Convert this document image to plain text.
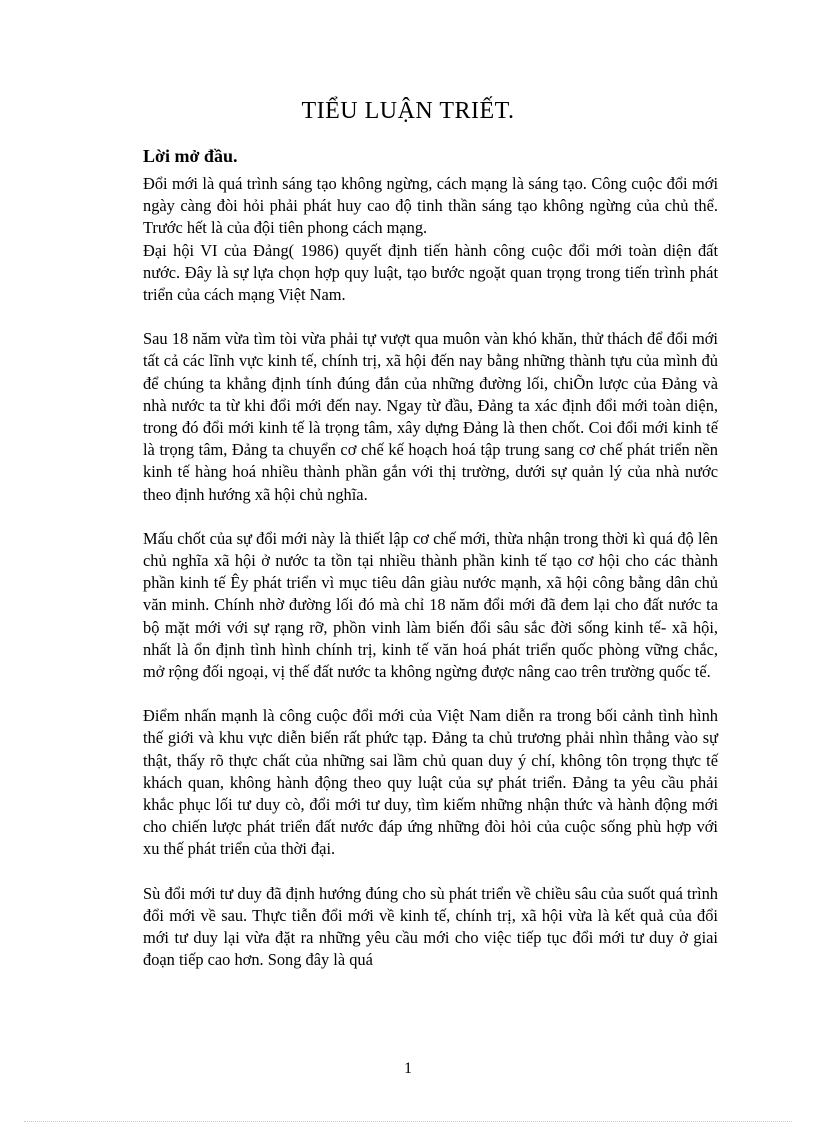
TIỂU LUẬN TRIẾT.
Lời mở đầu.

Đổi mới là quá trình sáng tạo không ngừng, cách mạng là sáng tạo. Công cuộc đổi mới ngày càng đòi hỏi phải phát huy cao độ tinh thần sáng tạo không ngừng của chủ thể. Trước hết là của đội tiên phong cách mạng.

Đại hội VI của Đảng( 1986) quyết định tiến hành công cuộc đổi mới toàn diện đất nước. Đây là sự lựa chọn hợp quy luật, tạo bước ngoặt quan trọng trong tiến trình phát triển của cách mạng Việt Nam.

Sau 18 năm vừa tìm tòi vừa phải tự vượt qua muôn vàn khó khăn, thử thách để đổi mới tất cả các lĩnh vực kinh tế, chính trị, xã hội đến nay bằng những thành tựu của mình đủ để chúng ta khẳng định tính đúng đắn của những đường lối, chiÕn lược của Đảng và nhà nước ta từ khi đổi mới đến nay. Ngay từ đầu, Đảng ta xác định đổi mới toàn diện, trong đó đổi mới kinh tế là trọng tâm, xây dựng Đảng là then chốt. Coi đổi mới kinh tế là trọng tâm, Đảng ta chuyển cơ chế kế hoạch hoá tập trung sang cơ chế phát triển nền kinh tế hàng hoá nhiều thành phần gắn với thị trường, dưới sự quản lý của nhà nước theo định hướng xã hội chủ nghĩa.

Mấu chốt của sự đổi mới này là thiết lập cơ chế mới, thừa nhận trong thời kì quá độ lên chủ nghĩa xã hội ở nước ta tồn tại nhiều thành phần kinh tế tạo cơ hội cho các thành phần kinh tế Êy phát triển vì mục tiêu dân giàu nước mạnh, xã hội công bằng dân chủ văn minh. Chính nhờ đường lối đó mà chỉ 18 năm đổi mới đã đem lại cho đất nước ta bộ mặt mới với sự rạng rỡ, phồn vinh làm biến đổi sâu sắc đời sống kinh tế- xã hội, nhất là ổn định tình hình chính trị, kinh tế văn hoá phát triển quốc phòng vững chắc, mở rộng đối ngoại, vị thế đất nước ta không ngừng được nâng cao trên trường quốc tế.

Điểm nhấn mạnh là công cuộc đổi mới của Việt Nam diễn ra trong bối cảnh tình hình thế giới và khu vực diễn biến rất phức tạp. Đảng ta chủ trương phải nhìn thẳng vào sự thật, thấy rõ thực chất của những sai lầm chủ quan duy ý chí, không tôn trọng thực tế khách quan, không hành động theo quy luật của sự phát triển. Đảng ta yêu cầu phải khắc phục lối tư duy cò, đổi mới tư duy, tìm kiếm những nhận thức và hành động mới cho chiến lược phát triển đất nước đáp ứng những đòi hỏi của cuộc sống phù hợp với xu thế phát triển của thời đại.

Sù đổi mới tư duy đã định hướng đúng cho sù phát triển về chiều sâu của suốt quá trình đổi mới về sau. Thực tiễn đổi mới về kinh tế, chính trị, xã hội vừa là kết quả của đổi mới tư duy lại vừa đặt ra những yêu cầu mới cho việc tiếp tục đổi mới tư duy ở giai đoạn tiếp cao hơn. Song đây là quá

1
